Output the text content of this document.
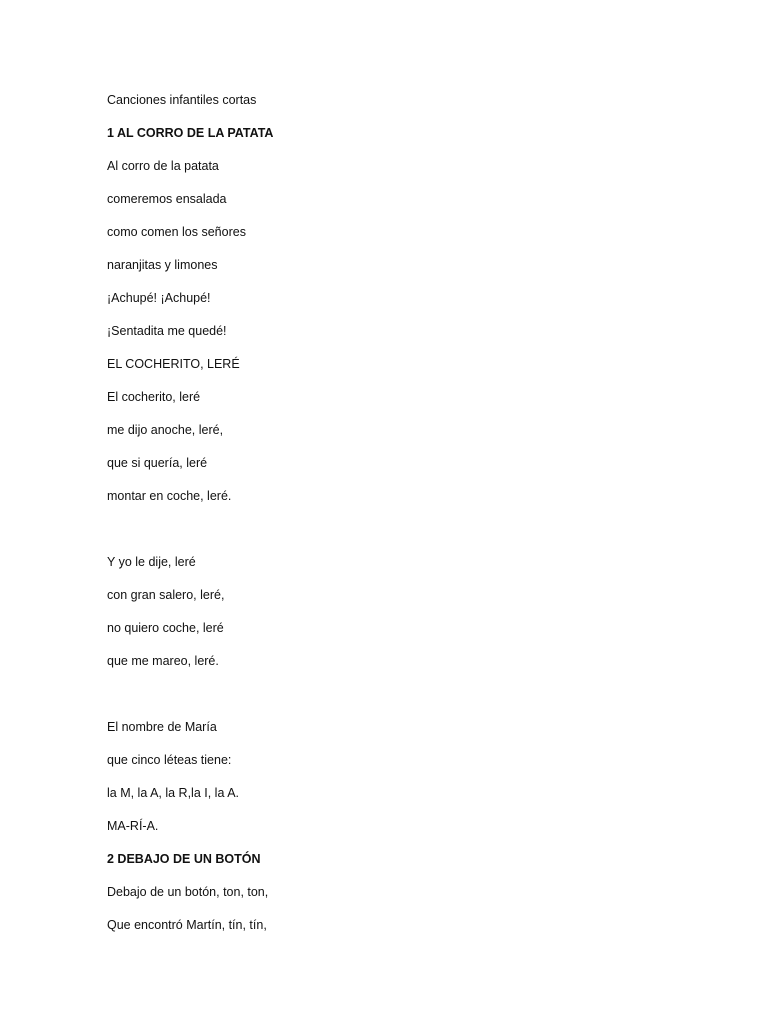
Canciones infantiles cortas
1 AL CORRO DE LA PATATA
Al corro de la patata
comeremos ensalada
como comen los señores
naranjitas y limones
¡Achupé! ¡Achupé!
¡Sentadita me quedé!
EL COCHERITO, LERÉ
El cocherito, leré
me dijo anoche, leré,
que si quería, leré
montar en coche, leré.
Y yo le dije, leré
con gran salero, leré,
no quiero coche, leré
que me mareo, leré.
El nombre de María
que cinco léteas tiene:
la M, la A, la R,la I, la A.
MA-RÍ-A.
2 DEBAJO DE UN BOTÓN
Debajo de un botón, ton, ton,
Que encontró Martín, tín, tín,
